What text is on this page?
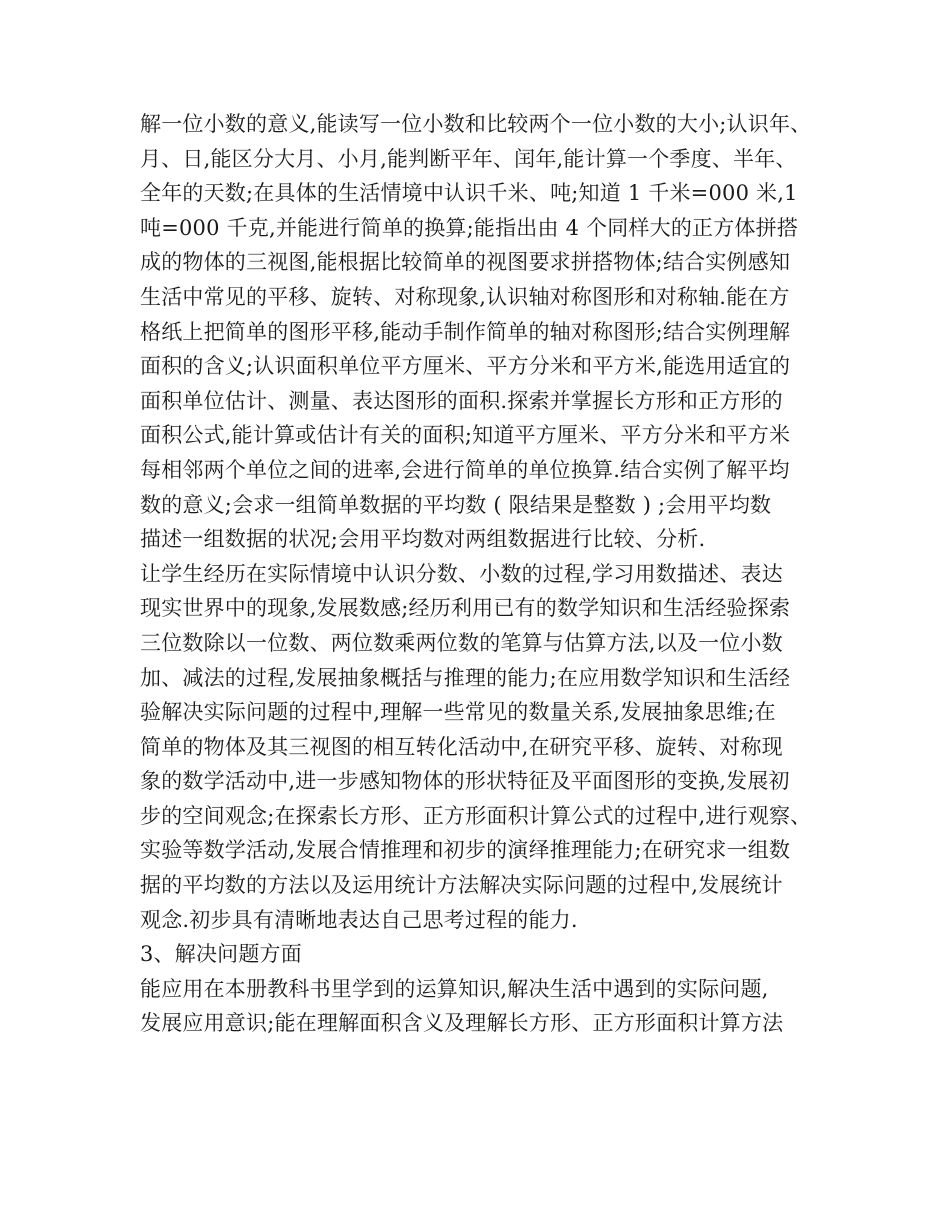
解一位小数的意义,能读写一位小数和比较两个一位小数的大小;认识年、
月、日,能区分大月、小月,能判断平年、闰年,能计算一个季度、半年、
全年的天数;在具体的生活情境中认识千米、吨;知道 1 千米=000 米,1
吨=000 千克,并能进行简单的换算;能指出由 4 个同样大的正方体拼搭
成的物体的三视图,能根据比较简单的视图要求拼搭物体;结合实例感知
生活中常见的平移、旋转、对称现象,认识轴对称图形和对称轴.能在方
格纸上把简单的图形平移,能动手制作简单的轴对称图形;结合实例理解
面积的含义;认识面积单位平方厘米、平方分米和平方米,能选用适宜的
面积单位估计、测量、表达图形的面积.探索并掌握长方形和正方形的
面积公式,能计算或估计有关的面积;知道平方厘米、平方分米和平方米
每相邻两个单位之间的进率,会进行简单的单位换算.结合实例了解平均
数的意义;会求一组简单数据的平均数 ( 限结果是整数 ) ;会用平均数
描述一组数据的状况;会用平均数对两组数据进行比较、分析.
让学生经历在实际情境中认识分数、小数的过程,学习用数描述、表达
现实世界中的现象,发展数感;经历利用已有的数学知识和生活经验探索
三位数除以一位数、两位数乘两位数的笔算与估算方法,以及一位小数
加、减法的过程,发展抽象概括与推理的能力;在应用数学知识和生活经
验解决实际问题的过程中,理解一些常见的数量关系,发展抽象思维;在
简单的物体及其三视图的相互转化活动中,在研究平移、旋转、对称现
象的数学活动中,进一步感知物体的形状特征及平面图形的变换,发展初
步的空间观念;在探索长方形、正方形面积计算公式的过程中,进行观察、
实验等数学活动,发展合情推理和初步的演绎推理能力;在研究求一组数
据的平均数的方法以及运用统计方法解决实际问题的过程中,发展统计
观念.初步具有清晰地表达自己思考过程的能力.
3、解决问题方面
能应用在本册教科书里学到的运算知识,解决生活中遇到的实际问题,
发展应用意识;能在理解面积含义及理解长方形、正方形面积计算方法
